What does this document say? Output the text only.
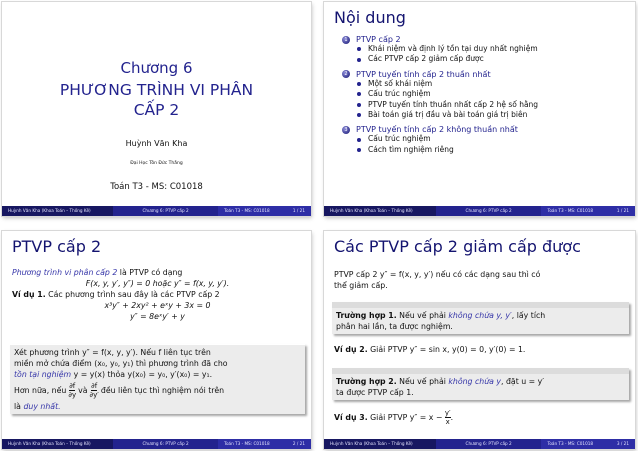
Chương 6
PHƯƠNG TRÌNH VI PHÂN
CẤP 2
Huỳnh Văn Kha
Đại Học Tôn Đức Thắng
Toán T3 - MS: C01018
Huỳnh Văn Kha (Khoa Toán – Thống Kê)	Chương 6: PTVP cấp 2	Toán T3 - MS: C01018	1 / 21
Nội dung
1	PTVP cấp 2
Khái niệm và định lý tồn tại duy nhất nghiệm
Các PTVP cấp 2 giảm cấp được
2	PTVP tuyến tính cấp 2 thuần nhất
Một số khái niệm
Cấu trúc nghiệm
PTVP tuyến tính thuần nhất cấp 2 hệ số hằng
Bài toán giá trị đầu và bài toán giá trị biên
3	PTVP tuyến tính cấp 2 không thuần nhất
Cấu trúc nghiệm
Cách tìm nghiệm riêng
Huỳnh Văn Kha (Khoa Toán – Thống Kê)	Chương 6: PTVP cấp 2	Toán T3 - MS: C01018	1 / 21
PTVP cấp 2
Phương trình vi phân cấp 2 là PTVP có dạng
F(x, y, y′, y″) = 0 hoặc y″ = f(x, y, y′).
Ví dụ 1. Các phương trình sau đây là các PTVP cấp 2
x³y″ + 2xy² + eˣy + 3x = 0
y″ = 8eˣy′ + y
Xét phương trình y″ = f(x, y, y′). Nếu f liên tục trên
miền mở chứa điểm (x₀, y₀, y₁) thì phương trình đã cho
tồn tại nghiệm y = y(x) thỏa y(x₀) = y₀, y′(x₀) = y₁.
Hơn nữa, nếu $\frac{\partial f}{\partial y}$ và $\frac{\partial f}{\partial y'}$ đều liên tục thì nghiệm nói trên
là duy nhất.
Huỳnh Văn Kha (Khoa Toán – Thống Kê)	Chương 6: PTVP cấp 2	Toán T3 - MS: C01018	2 / 21
Các PTVP cấp 2 giảm cấp được
PTVP cấp 2 y″ = f(x, y, y′) nếu có các dạng sau thì có
thể giảm cấp.
Trường hợp 1. Nếu vế phải không chứa y, y′, lấy tích
phân hai lần, ta được nghiệm.
Ví dụ 2. Giải PTVP y″ = sin x, y(0) = 0, y′(0) = 1.
Trường hợp 2. Nếu vế phải không chứa y, đặt u = y′
ta được PTVP cấp 1.
Ví dụ 3. Giải PTVP $y'' = x - \frac{y'}{x}$ .
Huỳnh Văn Kha (Khoa Toán – Thống Kê)	Chương 6: PTVP cấp 2	Toán T3 - MS: C01018	3 / 21
